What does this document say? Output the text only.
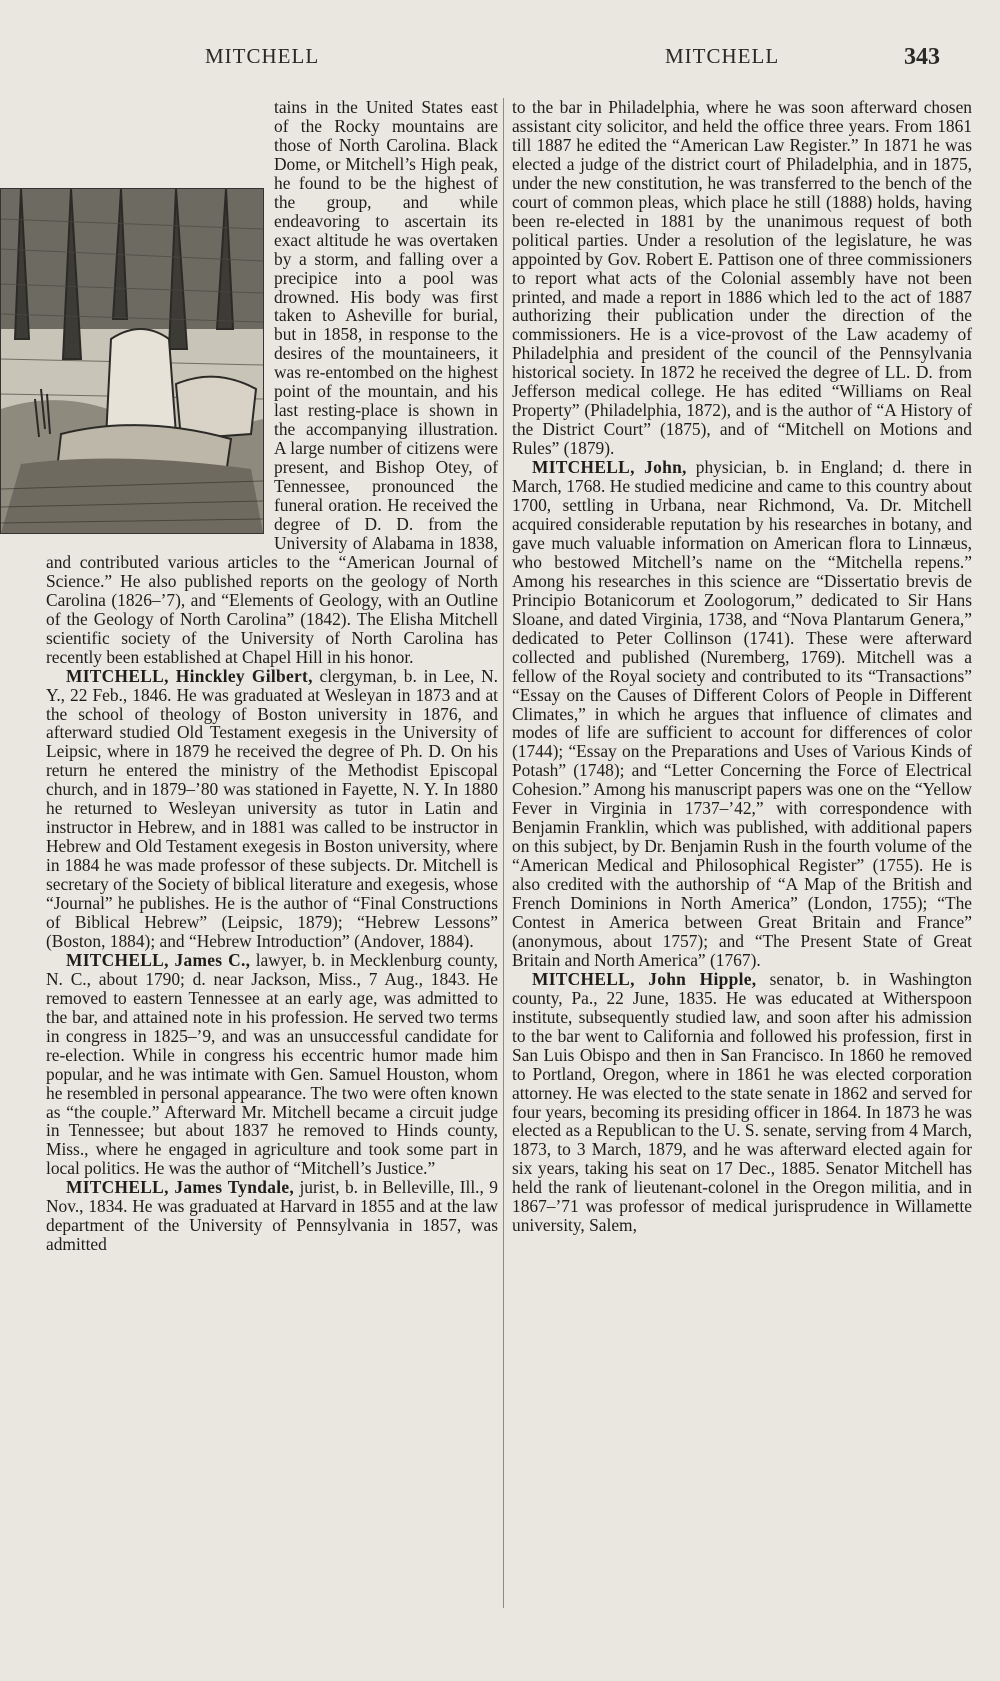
MITCHELL	MITCHELL	343

tains in the United States east of the Rocky mountains are those of North Carolina. Black Dome, or Mitchell’s High peak, he found to be the highest of the group, and while endeavoring to ascertain its exact altitude he was overtaken by a storm, and falling over a precipice into a pool was drowned. His body was first taken to Asheville for burial, but in 1858, in response to the desires of the mountaineers, it was re-entombed on the highest point of the mountain, and his last resting-place is shown in the accompanying illustration. A large number of citizens were present, and Bishop Otey, of Tennessee, pronounced the funeral oration. He received the degree of D. D. from the University of Alabama in 1838, and contributed various articles to the “American Journal of Science.” He also published reports on the geology of North Carolina (1826–’7), and “Elements of Geology, with an Outline of the Geology of North Carolina” (1842). The Elisha Mitchell scientific society of the University of North Carolina has recently been established at Chapel Hill in his honor.

MITCHELL, Hinckley Gilbert, clergyman, b. in Lee, N. Y., 22 Feb., 1846. He was graduated at Wesleyan in 1873 and at the school of theology of Boston university in 1876, and afterward studied Old Testament exegesis in the University of Leipsic, where in 1879 he received the degree of Ph. D. On his return he entered the ministry of the Methodist Episcopal church, and in 1879–’80 was stationed in Fayette, N. Y. In 1880 he returned to Wesleyan university as tutor in Latin and instructor in Hebrew, and in 1881 was called to be instructor in Hebrew and Old Testament exegesis in Boston university, where in 1884 he was made professor of these subjects. Dr. Mitchell is secretary of the Society of biblical literature and exegesis, whose “Journal” he publishes. He is the author of “Final Constructions of Biblical Hebrew” (Leipsic, 1879); “Hebrew Lessons” (Boston, 1884); and “Hebrew Introduction” (Andover, 1884).

MITCHELL, James C., lawyer, b. in Mecklenburg county, N. C., about 1790; d. near Jackson, Miss., 7 Aug., 1843. He removed to eastern Tennessee at an early age, was admitted to the bar, and attained note in his profession. He served two terms in congress in 1825–’9, and was an unsuccessful candidate for re-election. While in congress his eccentric humor made him popular, and he was intimate with Gen. Samuel Houston, whom he resembled in personal appearance. The two were often known as “the couple.” Afterward Mr. Mitchell became a circuit judge in Tennessee; but about 1837 he removed to Hinds county, Miss., where he engaged in agriculture and took some part in local politics. He was the author of “Mitchell’s Justice.”

MITCHELL, James Tyndale, jurist, b. in Belleville, Ill., 9 Nov., 1834. He was graduated at Harvard in 1855 and at the law department of the University of Pennsylvania in 1857, was admitted

to the bar in Philadelphia, where he was soon afterward chosen assistant city solicitor, and held the office three years. From 1861 till 1887 he edited the “American Law Register.” In 1871 he was elected a judge of the district court of Philadelphia, and in 1875, under the new constitution, he was transferred to the bench of the court of common pleas, which place he still (1888) holds, having been re-elected in 1881 by the unanimous request of both political parties. Under a resolution of the legislature, he was appointed by Gov. Robert E. Pattison one of three commissioners to report what acts of the Colonial assembly have not been printed, and made a report in 1886 which led to the act of 1887 authorizing their publication under the direction of the commissioners. He is a vice-provost of the Law academy of Philadelphia and president of the council of the Pennsylvania historical society. In 1872 he received the degree of LL. D. from Jefferson medical college. He has edited “Williams on Real Property” (Philadelphia, 1872), and is the author of “A History of the District Court” (1875), and of “Mitchell on Motions and Rules” (1879).

MITCHELL, John, physician, b. in England; d. there in March, 1768. He studied medicine and came to this country about 1700, settling in Urbana, near Richmond, Va. Dr. Mitchell acquired considerable reputation by his researches in botany, and gave much valuable information on American flora to Linnæus, who bestowed Mitchell’s name on the “Mitchella repens.” Among his researches in this science are “Dissertatio brevis de Principio Botanicorum et Zoologorum,” dedicated to Sir Hans Sloane, and dated Virginia, 1738, and “Nova Plantarum Genera,” dedicated to Peter Collinson (1741). These were afterward collected and published (Nuremberg, 1769). Mitchell was a fellow of the Royal society and contributed to its “Transactions” “Essay on the Causes of Different Colors of People in Different Climates,” in which he argues that influence of climates and modes of life are sufficient to account for differences of color (1744); “Essay on the Preparations and Uses of Various Kinds of Potash” (1748); and “Letter Concerning the Force of Electrical Cohesion.” Among his manuscript papers was one on the “Yellow Fever in Virginia in 1737–’42,” with correspondence with Benjamin Franklin, which was published, with additional papers on this subject, by Dr. Benjamin Rush in the fourth volume of the “American Medical and Philosophical Register” (1755). He is also credited with the authorship of “A Map of the British and French Dominions in North America” (London, 1755); “The Contest in America between Great Britain and France” (anonymous, about 1757); and “The Present State of Great Britain and North America” (1767).

MITCHELL, John Hipple, senator, b. in Washington county, Pa., 22 June, 1835. He was educated at Witherspoon institute, subsequently studied law, and soon after his admission to the bar went to California and followed his profession, first in San Luis Obispo and then in San Francisco. In 1860 he removed to Portland, Oregon, where in 1861 he was elected corporation attorney. He was elected to the state senate in 1862 and served for four years, becoming its presiding officer in 1864. In 1873 he was elected as a Republican to the U. S. senate, serving from 4 March, 1873, to 3 March, 1879, and he was afterward elected again for six years, taking his seat on 17 Dec., 1885. Senator Mitchell has held the rank of lieutenant-colonel in the Oregon militia, and in 1867–’71 was professor of medical jurisprudence in Willamette university, Salem,
